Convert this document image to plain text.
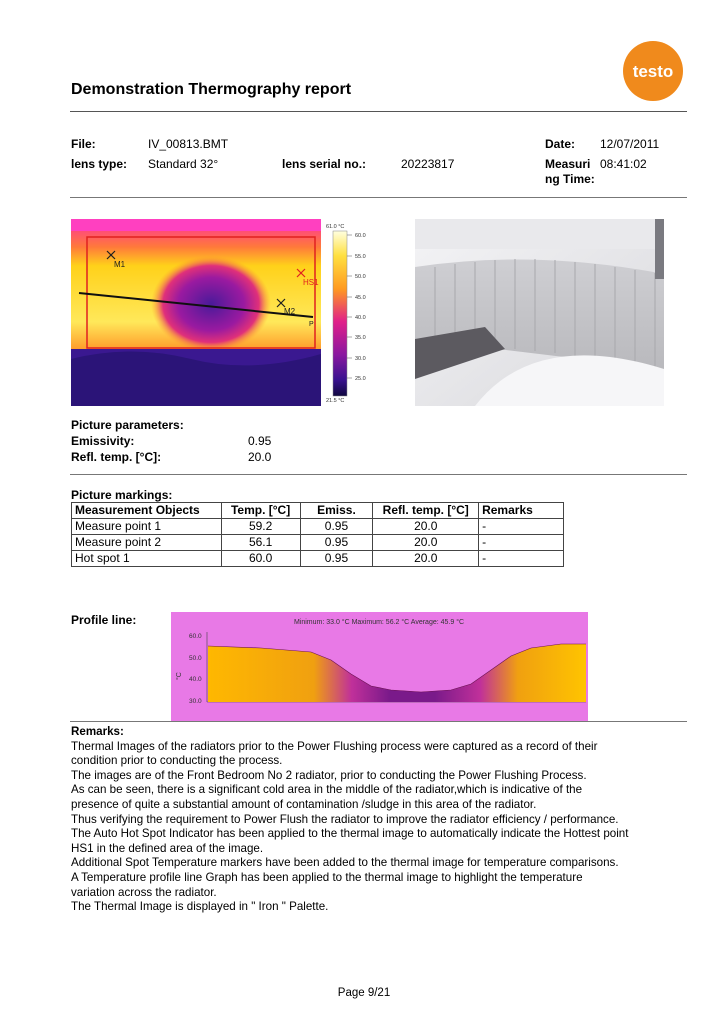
testo
Demonstration Thermography report
File:	IV_00813.BMT	Date: 12/07/2011
lens type: Standard 32°	lens serial no.:	20223817	Measuring Time:
08:41:02
M1
M2
HS1
P
61.0 °C
21.5 °C
60.0
55.0
50.0
45.0
40.0
35.0
30.0
25.0
Picture parameters:
Emissivity:	0.95
Refl. temp. [°C]:	20.0
Picture markings:
Measurement Objects	Temp. [°C]	Emiss.	Refl. temp. [°C]	Remarks
Measure point 1	59.2	0.95	20.0	-
Measure point 2	56.1	0.95	20.0	-
Hot spot 1	60.0	0.95	20.0	-
Profile line:	Minimum: 33.0 °C Maximum: 56.2 °C Average: 45.9 °C
°C
60.0
50.0
40.0
30.0

Remarks:

Thermal Images of the radiators prior to the Power Flushing process were captured as a record of their

condition prior to conducting the process.

The images are of the Front Bedroom No 2 radiator, prior to conducting the Power Flushing Process.

As can be seen, there is a significant cold area in the middle of the radiator,which is indicative of the

presence of quite a substantial amount of contamination /sludge in this area of the radiator.

Thus verifying the requirement to Power Flush the radiator to improve the radiator efficiency / performance.

The Auto Hot Spot Indicator has been applied to the thermal image to automatically indicate the Hottest point

HS1 in the defined area of the image.

Additional Spot Temperature markers have been added to the thermal image for temperature comparisons.

A Temperature profile line Graph has been applied to the thermal image to highlight the temperature

variation across the radiator.

The Thermal Image is displayed in " Iron " Palette.

Page 9/21
